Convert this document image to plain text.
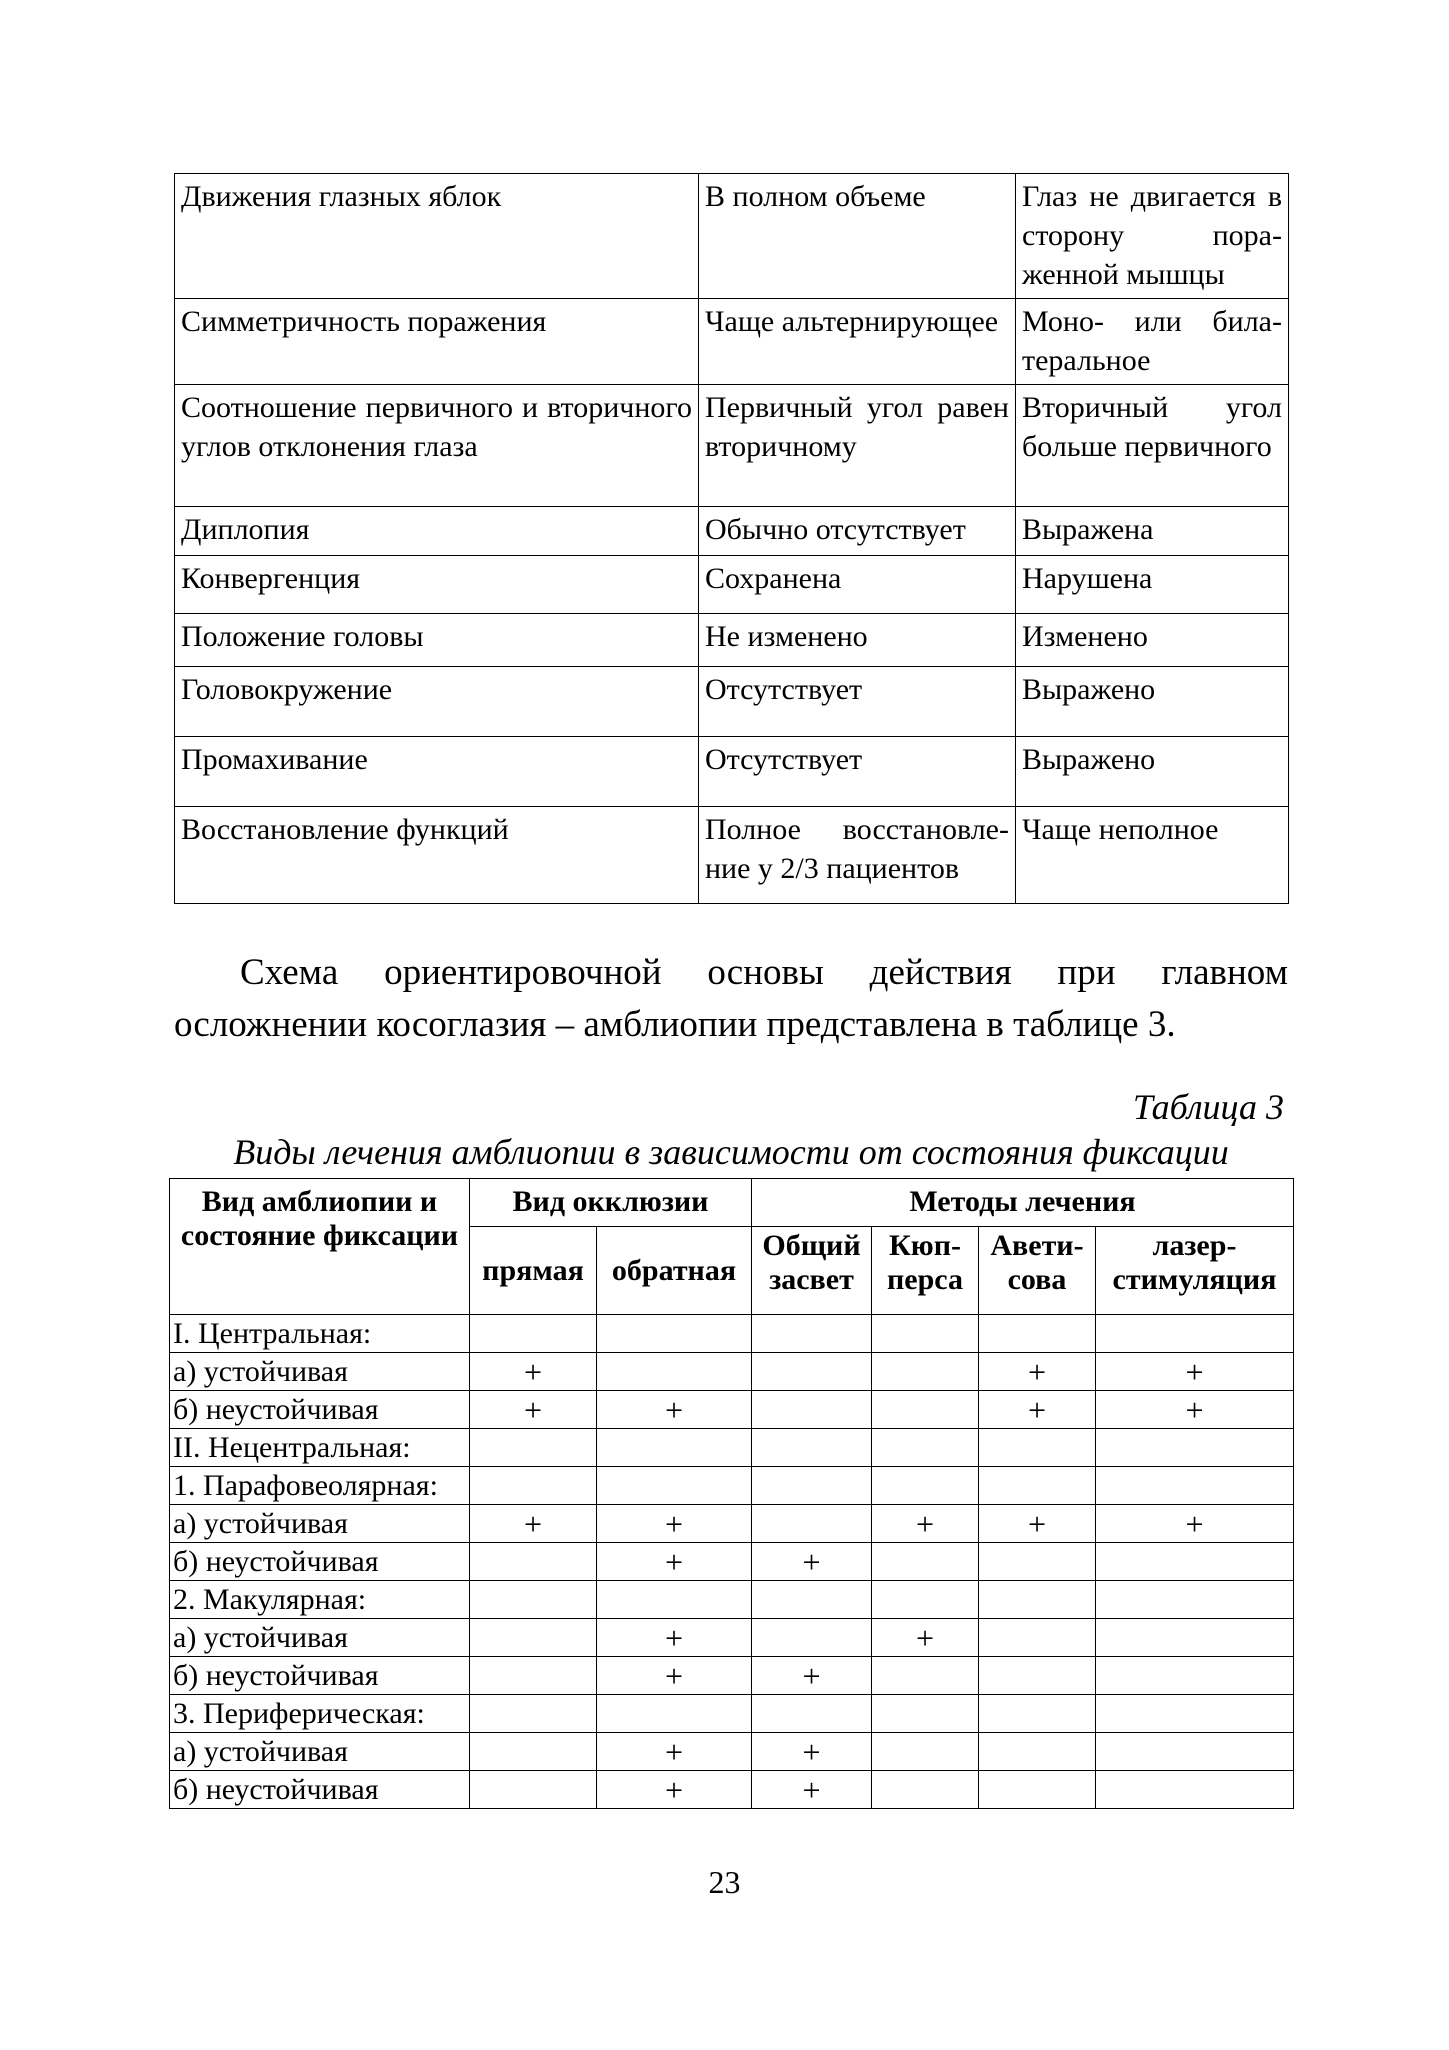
Движения глазных яблок	В полном объеме	Глаз не двигается в сторону пораженной мышцы
Симметричность поражения	Чаще альтернирующее	Моно- или билатеральное
Соотношение первичного и вторичного углов отклонения глаза	Первичный угол равен вторичному	Вторичный угол больше первичного
Диплопия	Обычно отсутствует	Выражена
Конвергенция	Сохранена	Нарушена
Положение головы	Не изменено	Изменено
Головокружение	Отсутствует	Выражено
Промахивание	Отсутствует	Выражено
Восстановление функций	Полное восстановление у 2/3 пациентов	Чаще неполное
Схема ориентировочной основы действия при главном осложнении косоглазия – амблиопии представлена в таблице 3.
Таблица 3
Виды лечения амблиопии в зависимости от состояния фиксации
Вид амблиопии и состояние фиксации	Вид окклюзии		Методы лечения			
	прямая	обратная	Общий засвет	Кюпперса	Аветисова	лазерстимуляция
I. Центральная:						
а) устойчивая	+				+	+
б) неустойчивая	+	+			+	+
II. Нецентральная:						
1. Парафовеолярная:						
а) устойчивая	+	+		+	+	+
б) неустойчивая		+	+			
2. Макулярная:						
а) устойчивая		+		+		
б) неустойчивая		+	+			
3. Периферическая:						
а) устойчивая		+	+			
б) неустойчивая		+	+			
23
